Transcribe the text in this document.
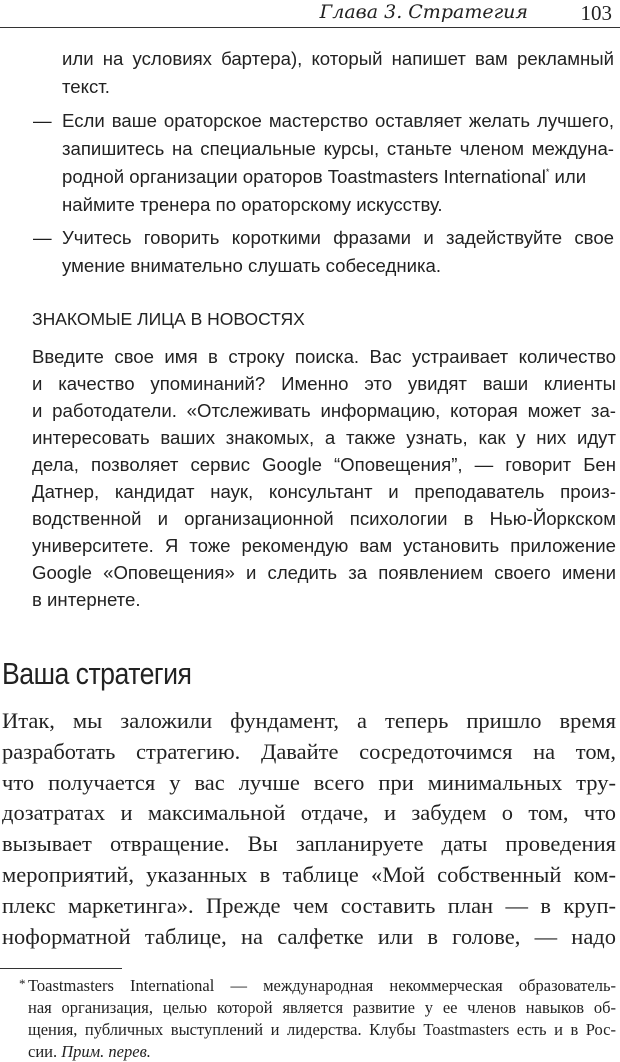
Глава 3. Стратегия	103
или на условиях бартера), который напишет вам рекламный
текст.
— Если ваше ораторское мастерство оставляет желать лучшего,
запишитесь на специальные курсы, станьте членом междуна-
родной организации ораторов Toastmasters International* или
наймите тренера по ораторскому искусству.
— Учитесь говорить короткими фразами и задействуйте свое
умение внимательно слушать собеседника.
ЗНАКОМЫЕ ЛИЦА В НОВОСТЯХ
Введите свое имя в строку поиска. Вас устраивает количество
и качество упоминаний? Именно это увидят ваши клиенты
и работодатели. «Отслеживать информацию, которая может за-
интересовать ваших знакомых, а также узнать, как у них идут
дела, позволяет сервис Google “Оповещения”, — говорит Бен
Датнер, кандидат наук, консультант и преподаватель произ-
водственной и организационной психологии в Нью-Йоркском
университете. Я тоже рекомендую вам установить приложение
Google «Оповещения» и следить за появлением своего имени
в интернете.
Ваша стратегия
Итак, мы заложили фундамент, а теперь пришло время
разработать стратегию. Давайте сосредоточимся на том,
что получается у вас лучше всего при минимальных тру-
дозатратах и максимальной отдаче, и забудем о том, что
вызывает отвращение. Вы запланируете даты проведения
мероприятий, указанных в таблице «Мой собственный ком-
плекс маркетинга». Прежде чем составить план — в круп-
ноформатной таблице, на салфетке или в голове, — надо
* Toastmasters International — международная некоммерческая образователь-
ная организация, целью которой является развитие у ее членов навыков об-
щения, публичных выступлений и лидерства. Клубы Toastmasters есть и в Рос-
сии. Прим. перев.
